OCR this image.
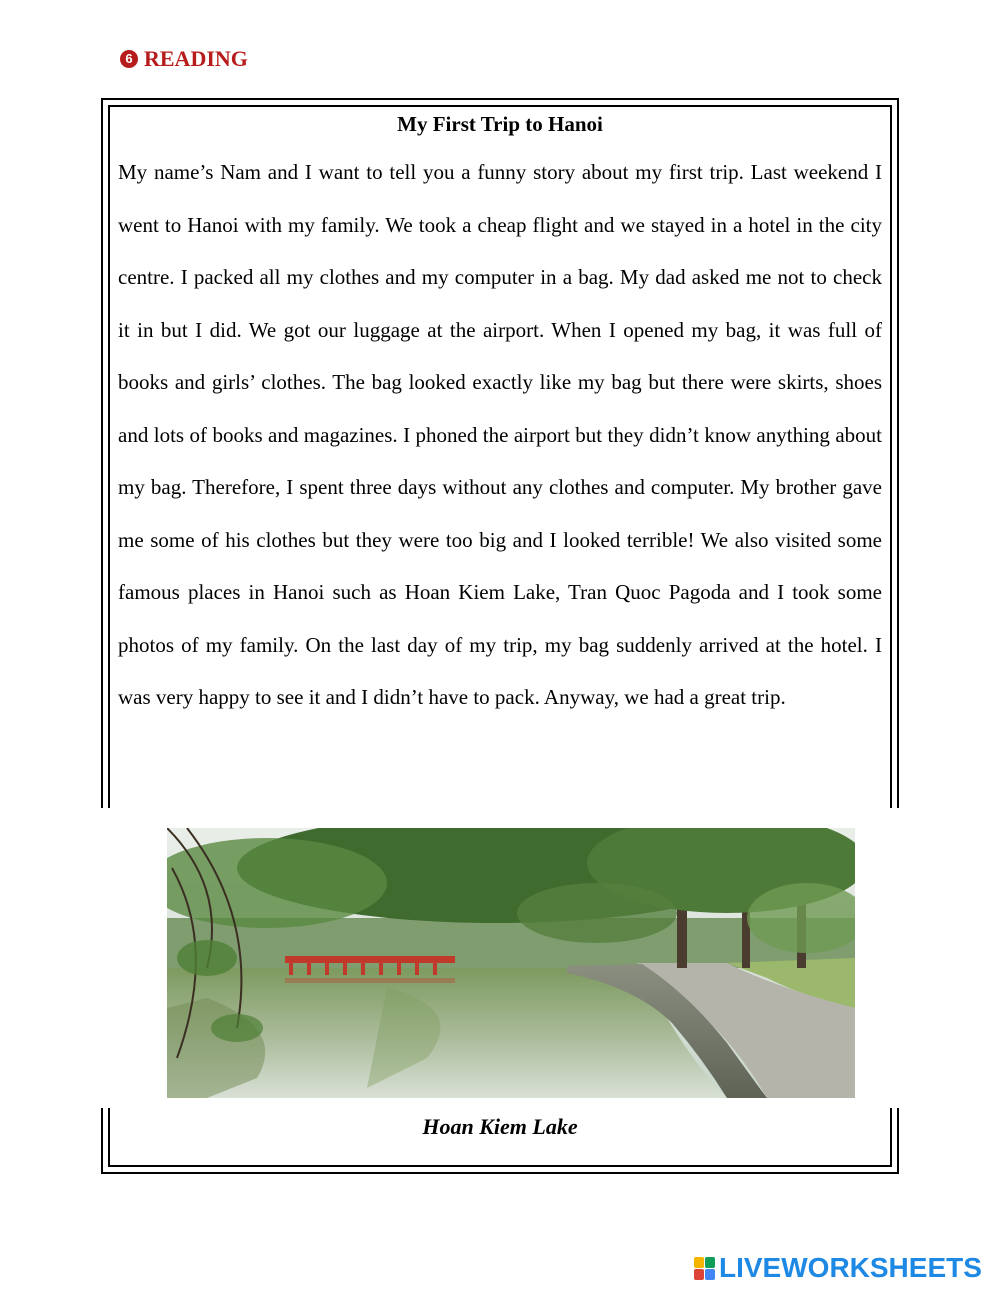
6 READING
My First Trip to Hanoi

My name’s Nam and I want to tell you a funny story about my first trip. Last weekend I went to Hanoi with my family. We took a cheap flight and we stayed in a hotel in the city centre. I packed all my clothes and my computer in a bag. My dad asked me not to check it in but I did. We got our luggage at the airport. When I opened my bag, it was full of books and girls’ clothes. The bag looked exactly like my bag but there were skirts, shoes and lots of books and magazines. I phoned the airport but they didn’t know anything about my bag. Therefore, I spent three days without any clothes and computer. My brother gave me some of his clothes but they were too big and I looked terrible! We also visited some famous places in Hanoi such as Hoan Kiem Lake, Tran Quoc Pagoda and I took some photos of my family. On the last day of my trip, my bag suddenly arrived at the hotel. I was very happy to see it and I didn’t have to pack. Anyway, we had a great trip.

Hoan Kiem Lake
LIVEWORKSHEETS
